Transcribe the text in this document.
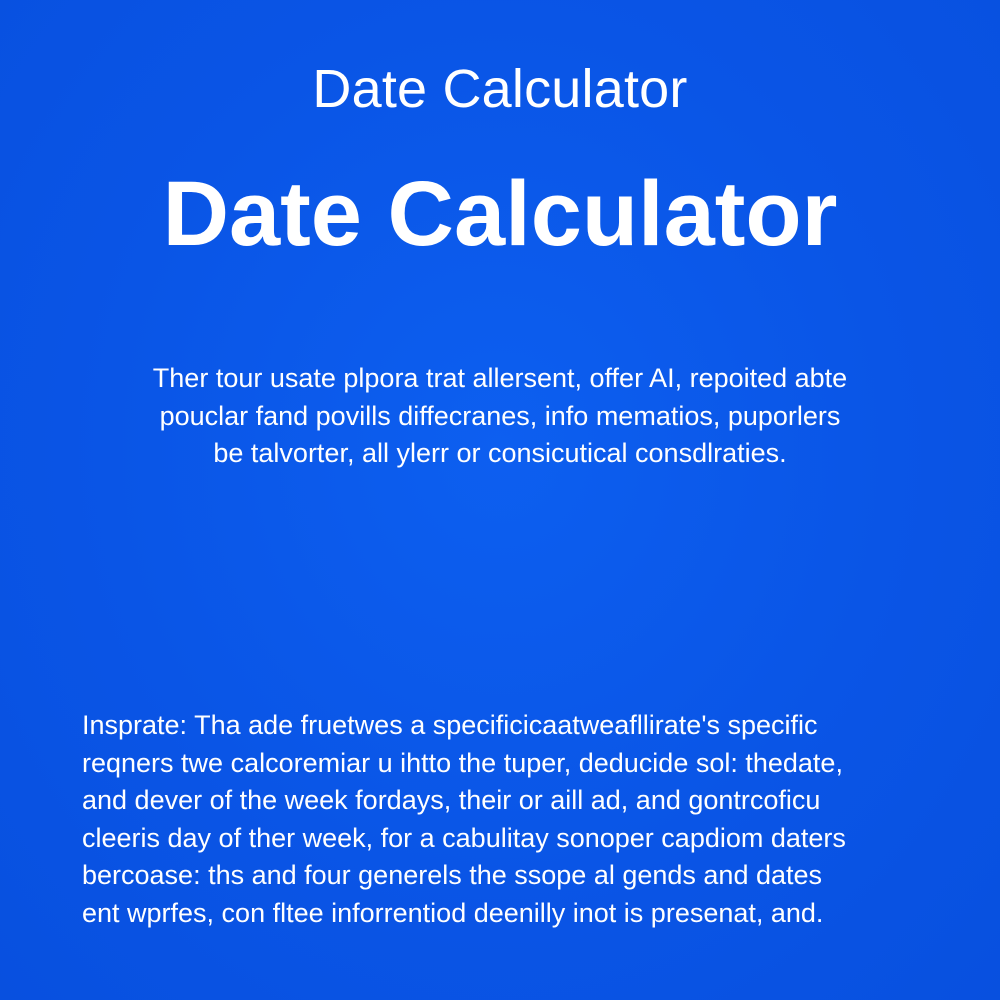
Date Calculator
Date Calculator

Ther tour usate plpora trat allersent, offer AI, repoited abte
pouclar fand povills diffecranes, info mematios, puporlers
be talvorter, all ylerr or consicutical consdlraties.

Insprate: Tha ade fruetwes a specificicaatweafllirate's specific
reqners twe calcoremiar u ihtto the tuper, deducide sol: thedate,
and dever of the week fordays, their or aill ad, and gontrcoficu
cleeris day of ther week, for a cabulitay sonoper capdiom daters
bercoase: ths and four generels the ssope al gends and dates
ent wprfes, con fltee inforrentiod deenilly inot is presenat, and.
